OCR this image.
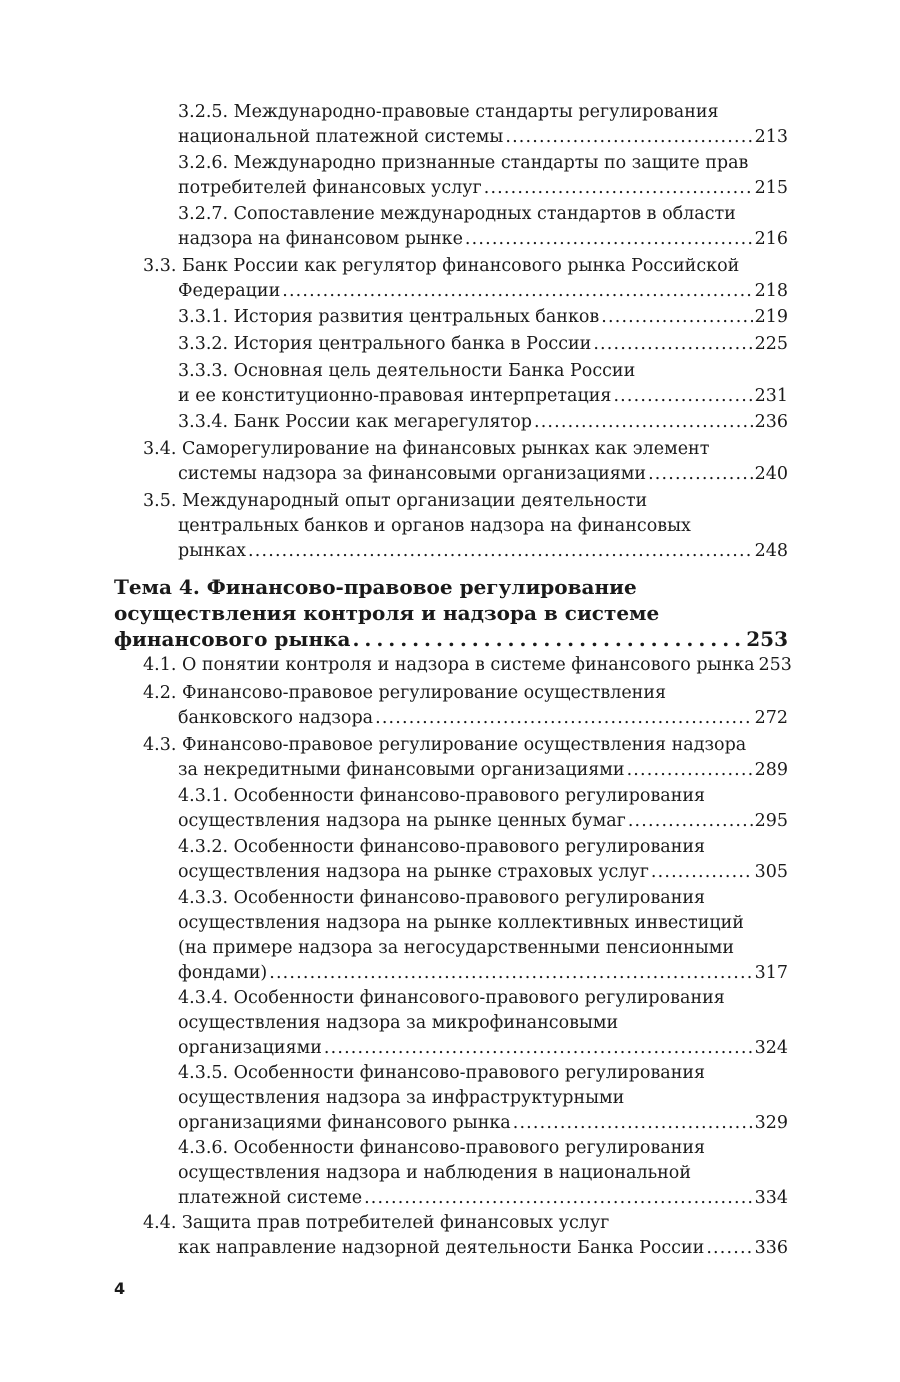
3.2.5. Международно-правовые стандарты регулирования
национальной платежной системы . . .	213
3.2.6. Международно признанные стандарты по защите прав
потребителей финансовых услуг . . .	215
3.2.7. Сопоставление международных стандартов в области
надзора на финансовом рынке . . .	216
3.3. Банк России как регулятор финансового рынка Российской
Федерации . . .	218
3.3.1. История развития центральных банков . . .	219
3.3.2. История центрального банка в России . . .	225
3.3.3. Основная цель деятельности Банка России
и ее конституционно-правовая интерпретация . . .	231
3.3.4. Банк России как мегарегулятор . . .	236
3.4. Саморегулирование на финансовых рынках как элемент
системы надзора за финансовыми организациями . . .	240
3.5. Международный опыт организации деятельности
центральных банков и органов надзора на финансовых
рынках . . .	248
Тема 4. Финансово-правовое регулирование
осуществления контроля и надзора в системе
финансового рынка . . .	253
4.1. О понятии контроля и надзора в системе финансового рынка 253
4.2. Финансово-правовое регулирование осуществления
банковского надзора . . .	272
4.3. Финансово-правовое регулирование осуществления надзора
за некредитными финансовыми организациями . . .	289
4.3.1. Особенности финансово-правового регулирования
осуществления надзора на рынке ценных бумаг . . .	295
4.3.2. Особенности финансово-правового регулирования
осуществления надзора на рынке страховых услуг . . .	305
4.3.3. Особенности финансово-правового регулирования
осуществления надзора на рынке коллективных инвестиций
(на примере надзора за негосударственными пенсионными
фондами) . . .	317
4.3.4. Особенности финансового-правового регулирования
осуществления надзора за микрофинансовыми
организациями . . .	324
4.3.5. Особенности финансово-правового регулирования
осуществления надзора за инфраструктурными
организациями финансового рынка . . .	329
4.3.6. Особенности финансово-правового регулирования
осуществления надзора и наблюдения в национальной
платежной системе . . .	334
4.4. Защита прав потребителей финансовых услуг
как направление надзорной деятельности Банка России . . .	336
4
